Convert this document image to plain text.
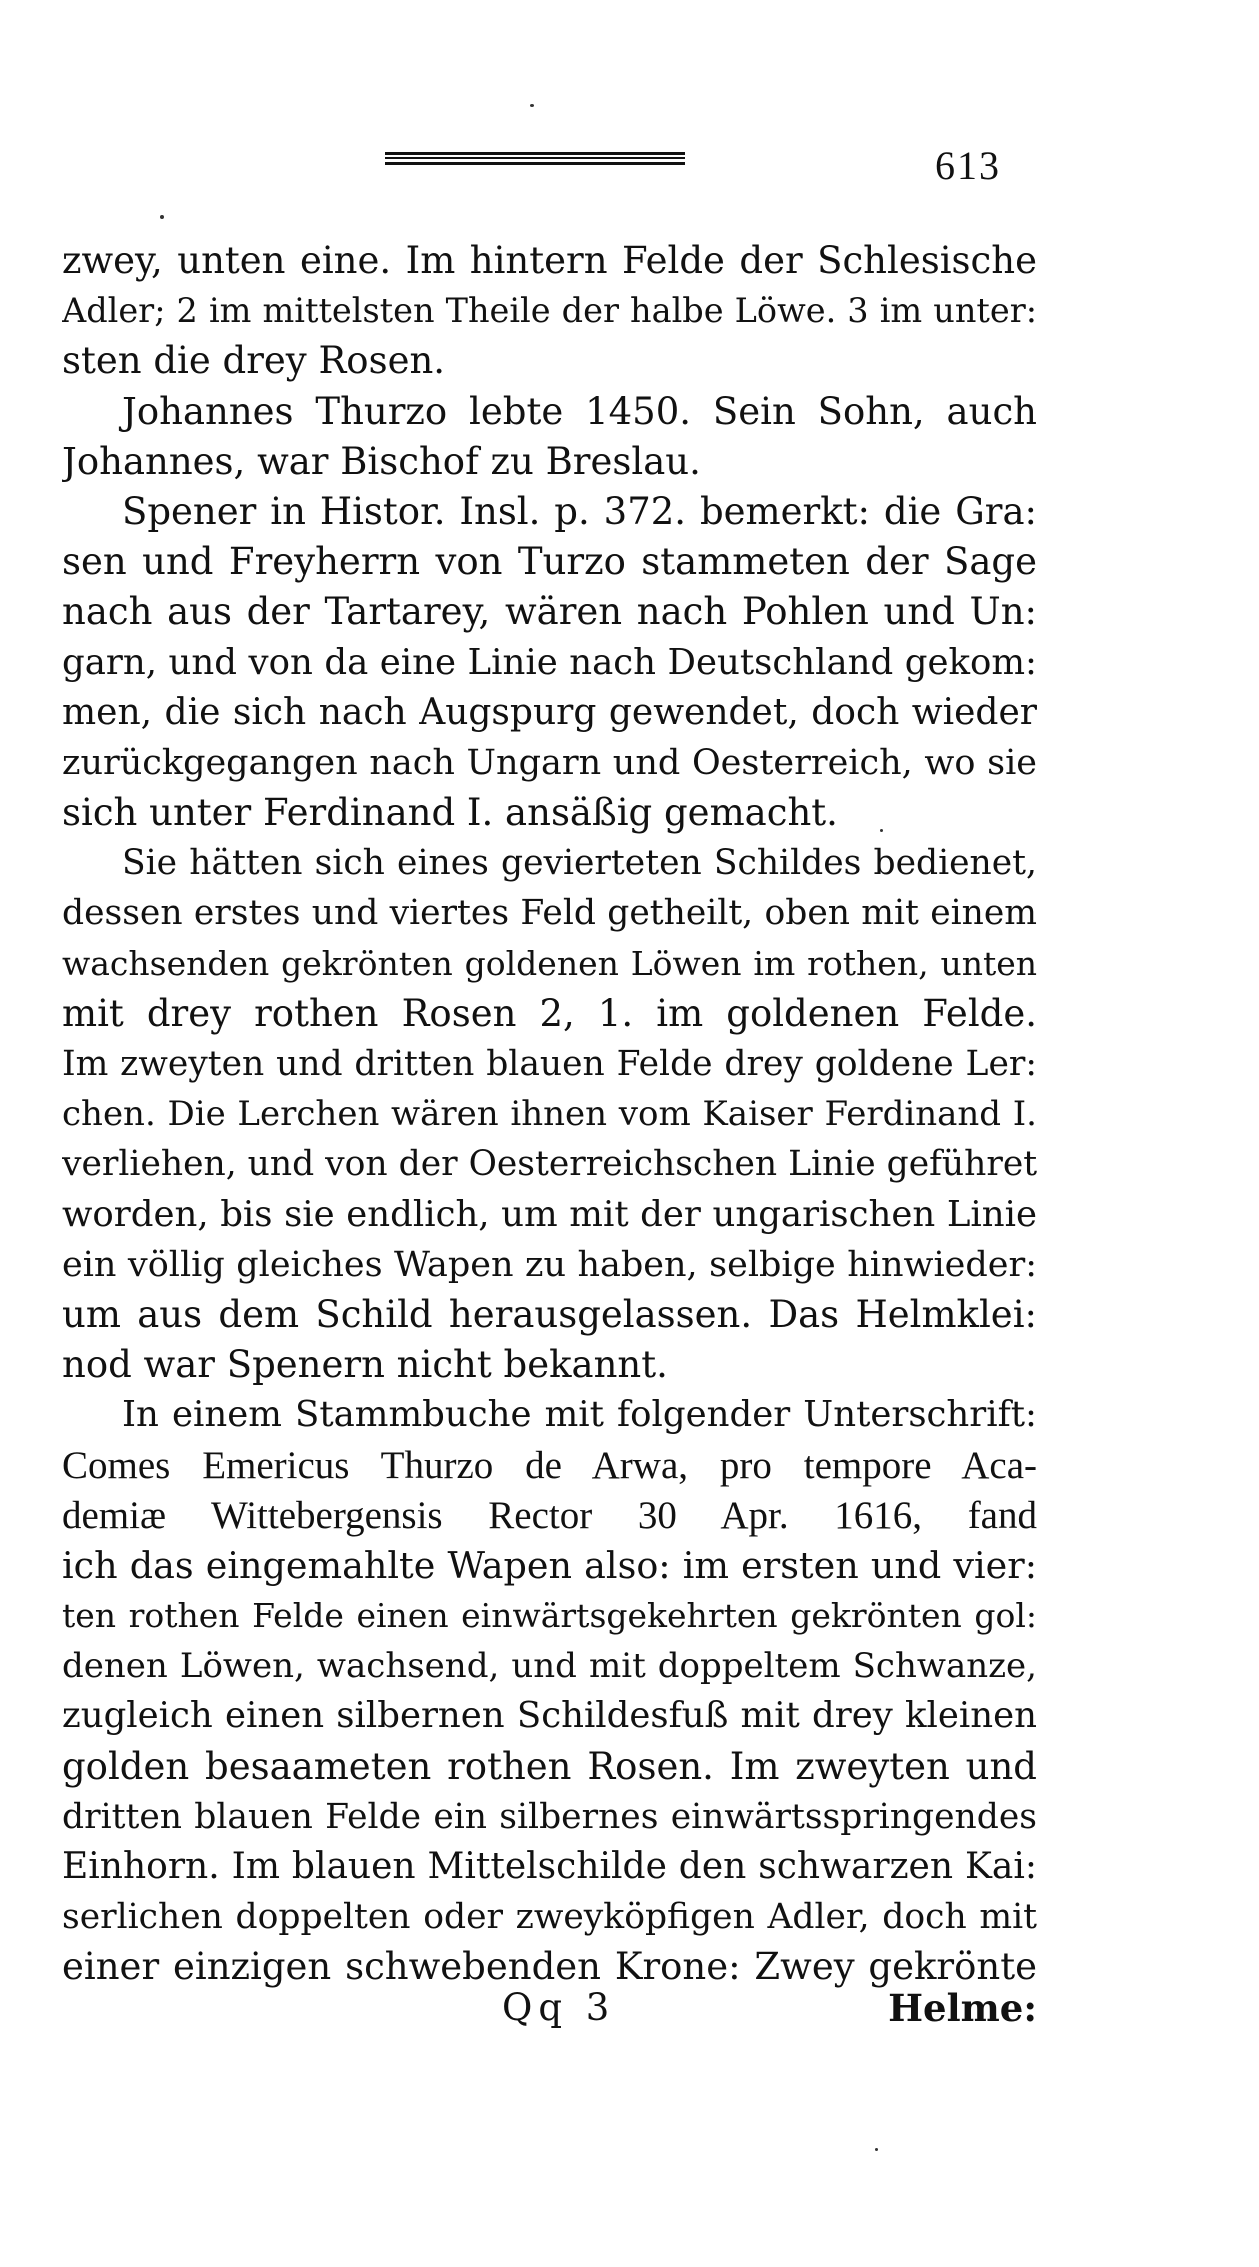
613
zwey, unten eine. Im hintern Felde der Schlesische
Adler; 2 im mittelsten Theile der halbe Löwe. 3 im unter:
sten die drey Rosen.
Johannes Thurzo lebte 1450. Sein Sohn, auch
Johannes, war Bischof zu Breslau.
Spener in Histor. Insl. p. 372. bemerkt: die Gra:
sen und Freyherrn von Turzo stammeten der Sage
nach aus der Tartarey, wären nach Pohlen und Un:
garn, und von da eine Linie nach Deutschland gekom:
men, die sich nach Augspurg gewendet, doch wieder
zurückgegangen nach Ungarn und Oesterreich, wo sie
sich unter Ferdinand I. ansäßig gemacht.
Sie hätten sich eines gevierteten Schildes bedienet,
dessen erstes und viertes Feld getheilt, oben mit einem
wachsenden gekrönten goldenen Löwen im rothen, unten
mit drey rothen Rosen 2, 1. im goldenen Felde.
Im zweyten und dritten blauen Felde drey goldene Ler:
chen. Die Lerchen wären ihnen vom Kaiser Ferdinand I.
verliehen, und von der Oesterreichschen Linie geführet
worden, bis sie endlich, um mit der ungarischen Linie
ein völlig gleiches Wapen zu haben, selbige hinwieder:
um aus dem Schild herausgelassen. Das Helmklei:
nod war Spenern nicht bekannt.
In einem Stammbuche mit folgender Unterschrift:
Comes Emericus Thurzo de Arwa, pro tempore Aca-
demiæ Wittebergensis Rector 30 Apr. 1616, fand
ich das eingemahlte Wapen also: im ersten und vier:
ten rothen Felde einen einwärtsgekehrten gekrönten gol:
denen Löwen, wachsend, und mit doppeltem Schwanze,
zugleich einen silbernen Schildesfuß mit drey kleinen
golden besaameten rothen Rosen. Im zweyten und
dritten blauen Felde ein silbernes einwärtsspringendes
Einhorn. Im blauen Mittelschilde den schwarzen Kai:
serlichen doppelten oder zweyköpfigen Adler, doch mit
einer einzigen schwebenden Krone: Zwey gekrönte
Qq 3	Helme:
